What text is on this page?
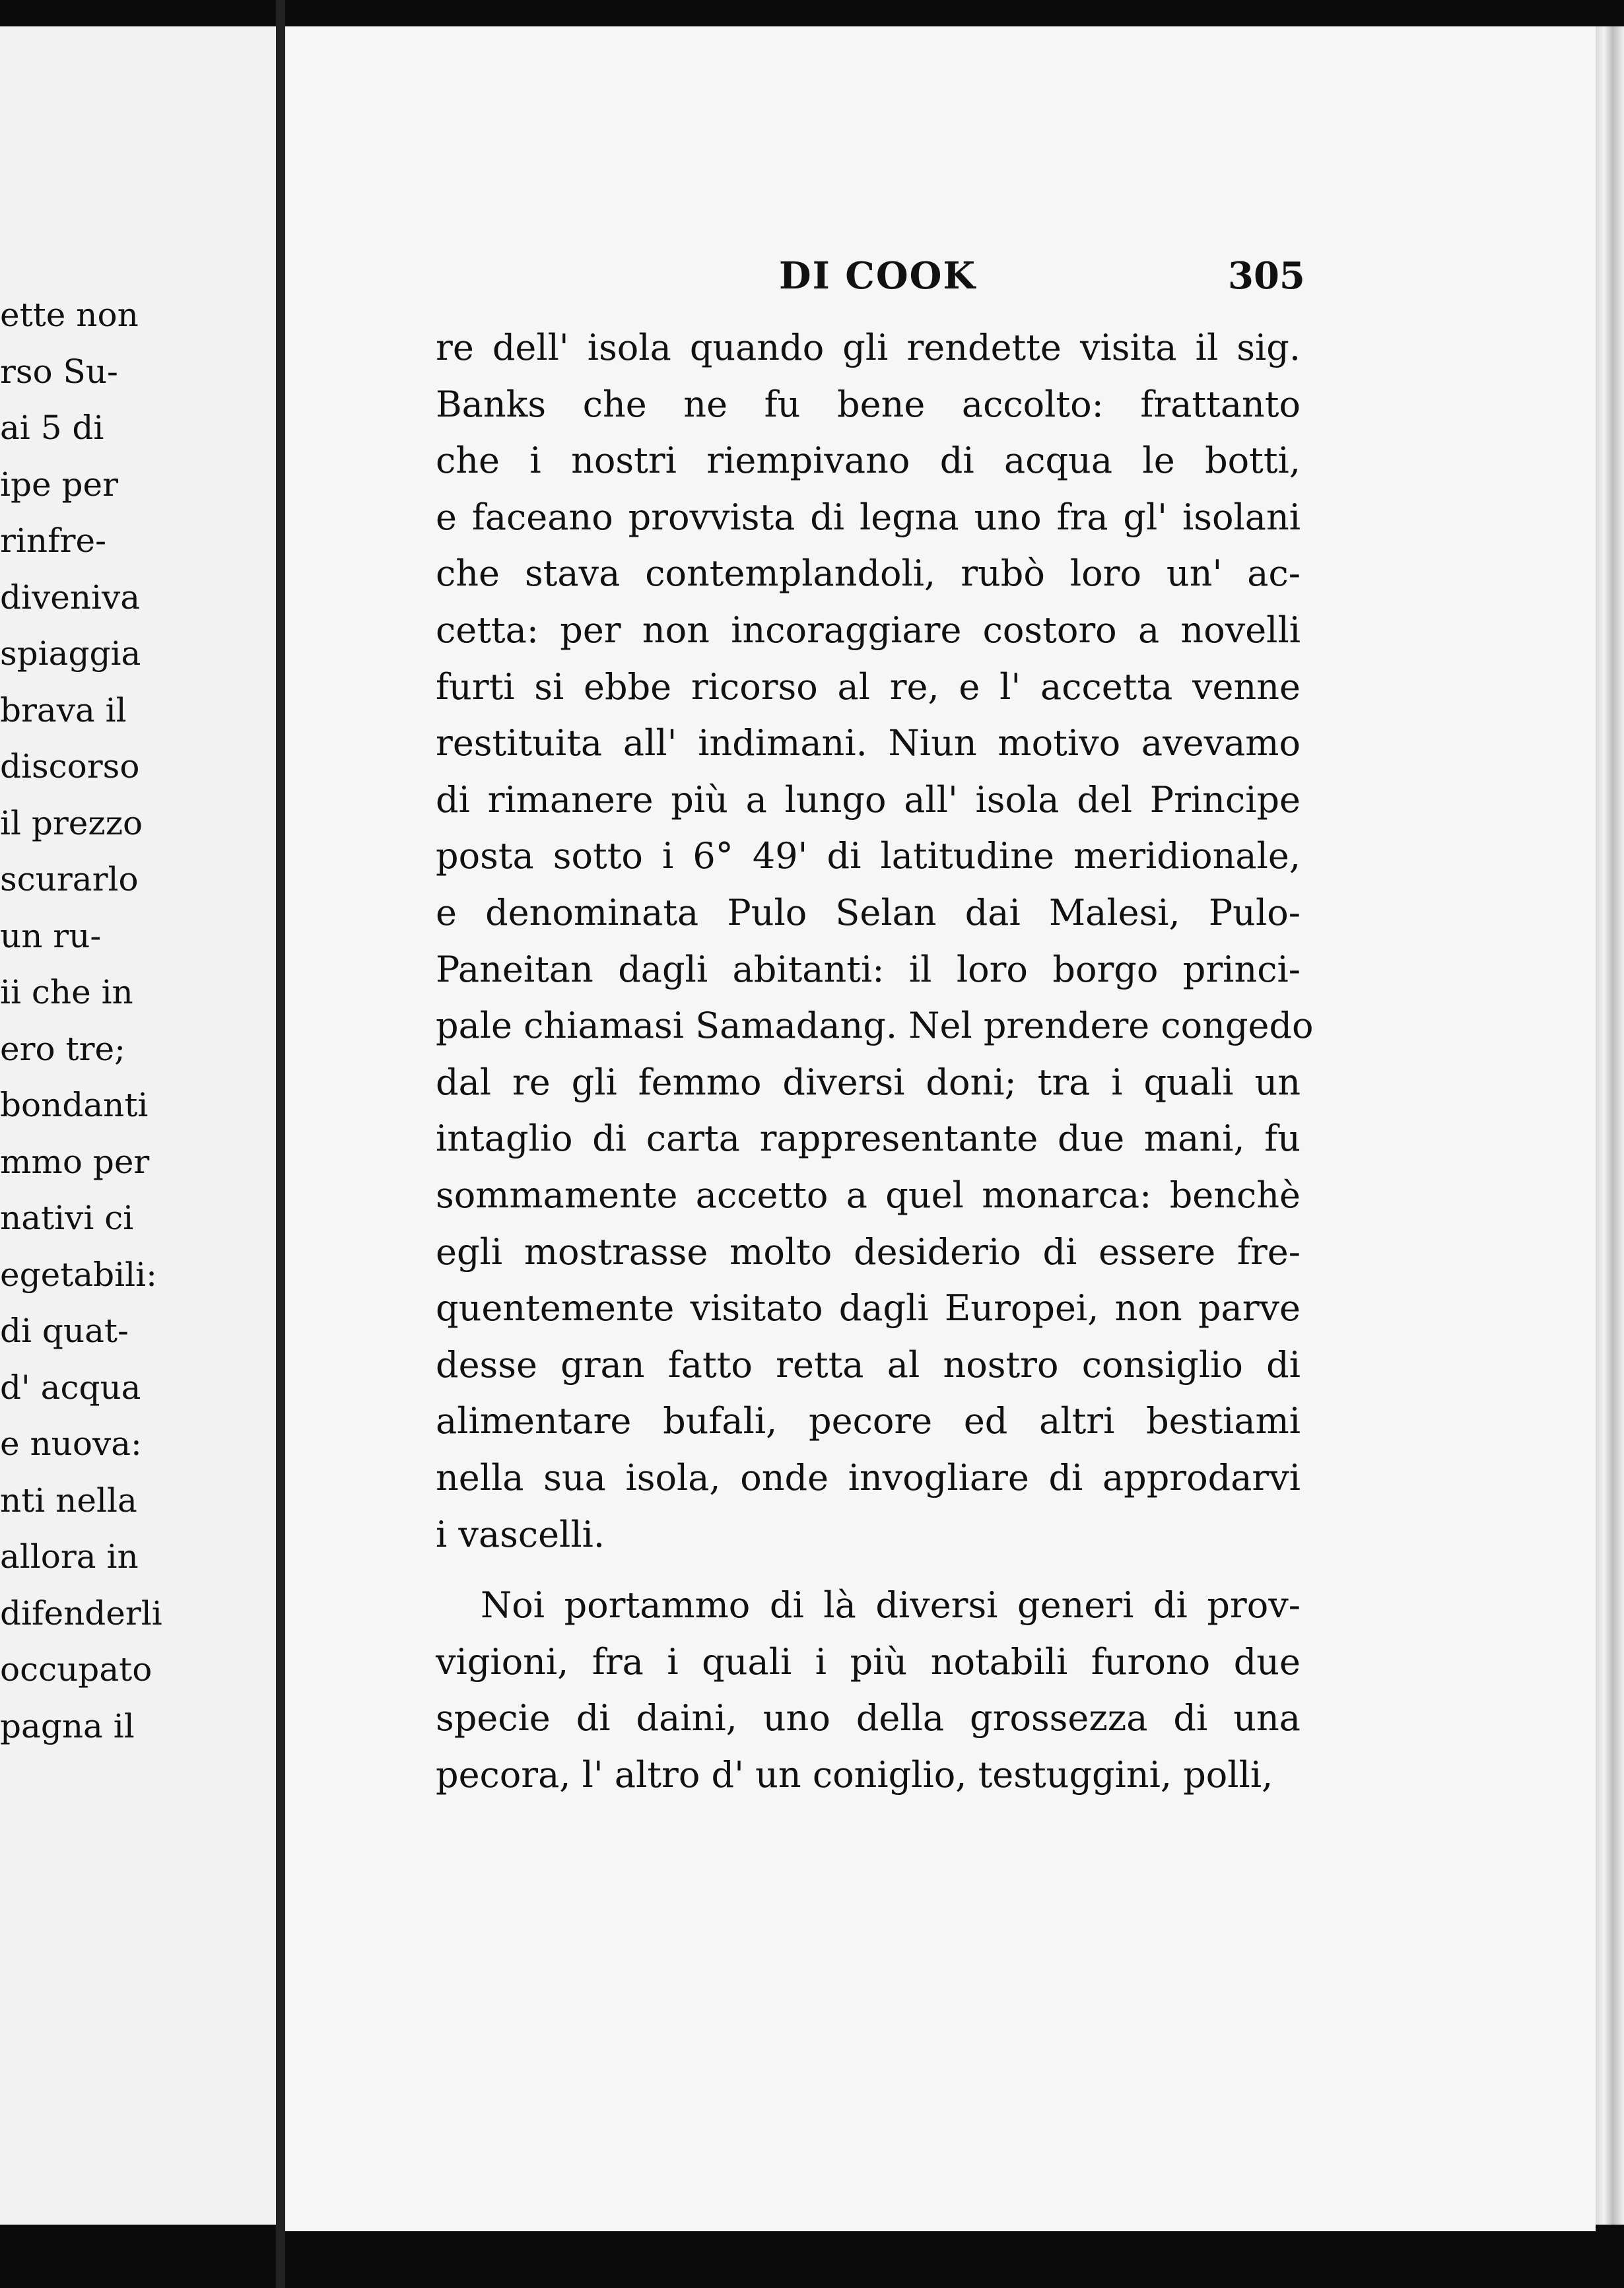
ette non
rso Su-
ai 5 di
ipe per
rinfre-
diveniva
spiaggia
brava il
discorso
il prezzo
scurarlo
un ru-
ii che in
ero tre;
bondanti
mmo per
nativi ci
egetabili:
di quat-
d' acqua
e nuova:
nti nella
allora in
difenderli
occupato
pagna il
DI COOK	305
re dell' isola quando gli rendette visita il sig.
Banks che ne fu bene accolto: frattanto
che i nostri riempivano di acqua le botti,
e faceano provvista di legna uno fra gl' isolani
che stava contemplandoli, rubò loro un' ac-
cetta: per non incoraggiare costoro a novelli
furti si ebbe ricorso al re, e l' accetta venne
restituita all' indimani. Niun motivo avevamo
di rimanere più a lungo all' isola del Principe
posta sotto i 6° 49' di latitudine meridionale,
e denominata Pulo Selan dai Malesi, Pulo-
Paneitan dagli abitanti: il loro borgo princi-
pale chiamasi Samadang. Nel prendere congedo
dal re gli femmo diversi doni; tra i quali un
intaglio di carta rappresentante due mani, fu
sommamente accetto a quel monarca: benchè
egli mostrasse molto desiderio di essere fre-
quentemente visitato dagli Europei, non parve
desse gran fatto retta al nostro consiglio di
alimentare bufali, pecore ed altri bestiami
nella sua isola, onde invogliare di approdarvi
i vascelli.
Noi portammo di là diversi generi di prov-
vigioni, fra i quali i più notabili furono due
specie di daini, uno della grossezza di una
pecora, l' altro d' un coniglio, testuggini, polli,
